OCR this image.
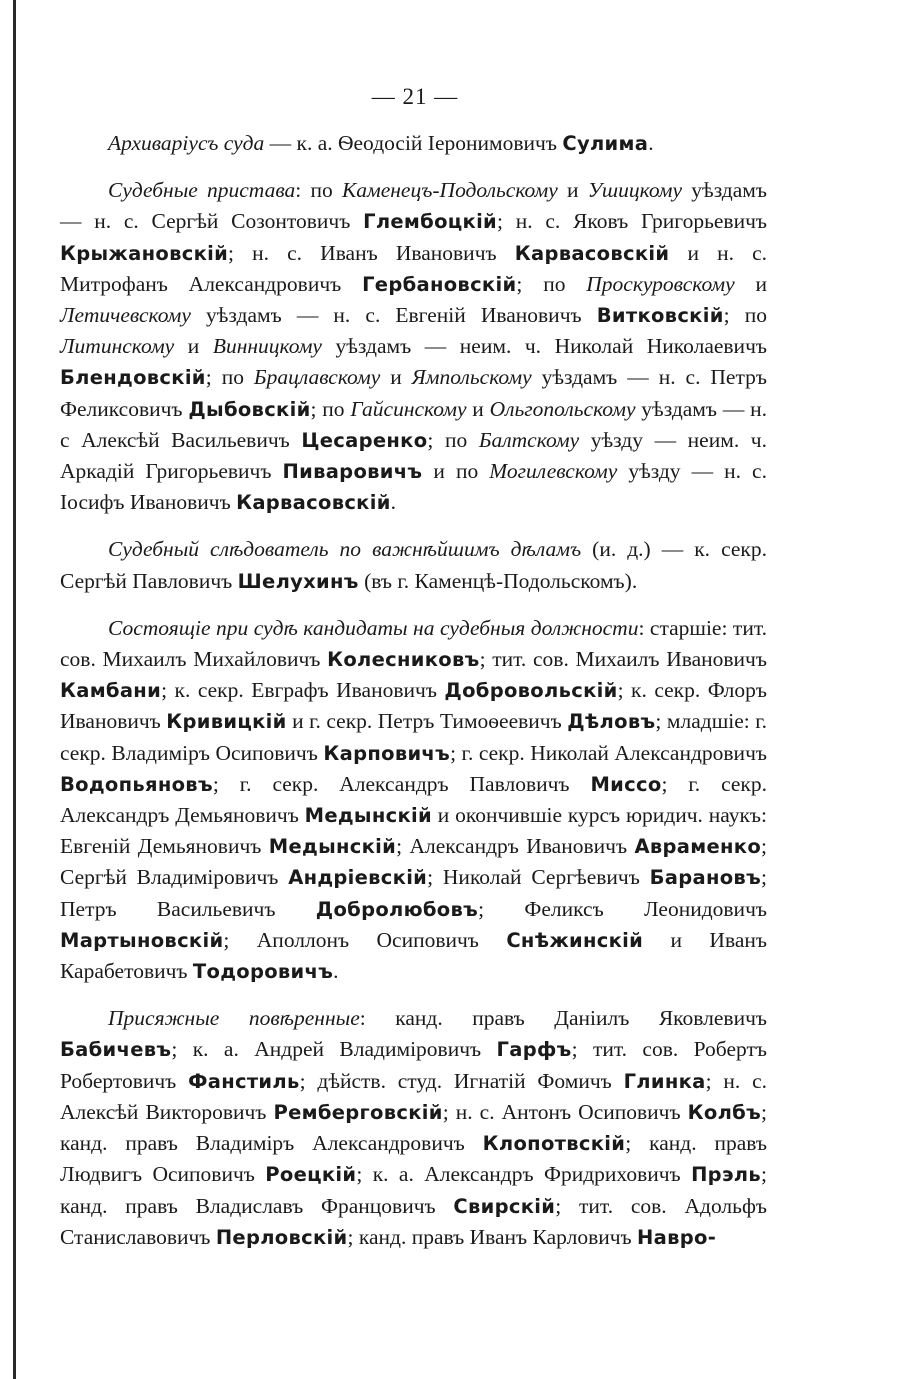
— 21 —

Архиваріусъ суда — к. а. Ѳеодосій Іеронимовичъ Сулима.

Судебные пристава: по Каменецъ-Подольскому и Ушицкому уѣздамъ — н. с. Сергѣй Созонтовичъ Глембоцкій; н. с. Яковъ Григорьевичъ Крыжановскій; н. с. Иванъ Ивановичъ Карвасовскій и н. с. Митрофанъ Александровичъ Гербановскій; по Проскуровскому и Летичевскому уѣздамъ — н. с. Евгеній Ивановичъ Витковскій; по Литинскому и Винницкому уѣздамъ — неим. ч. Николай Николаевичъ Блендовскій; по Брацлавскому и Ямпольскому уѣздамъ — н. с. Петръ Феликсовичъ Дыбовскій; по Гайсинскому и Ольгопольскому уѣздамъ — н. с Алексѣй Васильевичъ Цесаренко; по Балтскому уѣзду — неим. ч. Аркадій Григорьевичъ Пиваровичъ и по Могилевскому уѣзду — н. с. Іосифъ Ивановичъ Карвасовскій.

Судебный слѣдователь по важнѣйшимъ дѣламъ (и. д.) — к. секр. Сергѣй Павловичъ Шелухинъ (въ г. Каменцѣ-Подольскомъ).

Состоящіе при судѣ кандидаты на судебныя должности: старшіе: тит. сов. Михаилъ Михайловичъ Колесниковъ; тит. сов. Михаилъ Ивановичъ Камбани; к. секр. Евграфъ Ивановичъ Добровольскій; к. секр. Флоръ Ивановичъ Кривицкій и г. секр. Петръ Тимоѳеевичъ Дѣловъ; младшіе: г. секр. Владиміръ Осиповичъ Карповичъ; г. секр. Николай Александровичъ Водопьяновъ; г. секр. Александръ Павловичъ Миссо; г. секр. Александръ Демьяновичъ Медынскій и окончившіе курсъ юридич. наукъ: Евгеній Демьяновичъ Медынскій; Александръ Ивановичъ Авраменко; Сергѣй Владиміровичъ Андріевскій; Николай Сергѣевичъ Барановъ; Петръ Васильевичъ Добролюбовъ; Феликсъ Леонидовичъ Мартыновскій; Аполлонъ Осиповичъ Снѣжинскій и Иванъ Карабетовичъ Тодоровичъ.

Присяжные повѣренные: канд. правъ Даніилъ Яковлевичъ Бабичевъ; к. а. Андрей Владиміровичъ Гарфъ; тит. сов. Робертъ Робертовичъ Фанстиль; дѣйств. студ. Игнатій Фомичъ Глинка; н. с. Алексѣй Викторовичъ Ремберговскій; н. с. Антонъ Осиповичъ Колбъ; канд. правъ Владиміръ Александровичъ Клопотвскій; канд. правъ Людвигъ Осиповичъ Роецкій; к. а. Александръ Фридриховичъ Прэль; канд. правъ Владиславъ Францовичъ Свирскій; тит. сов. Адольфъ Станиславовичъ Перловскій; канд. правъ Иванъ Карловичъ Навро-
